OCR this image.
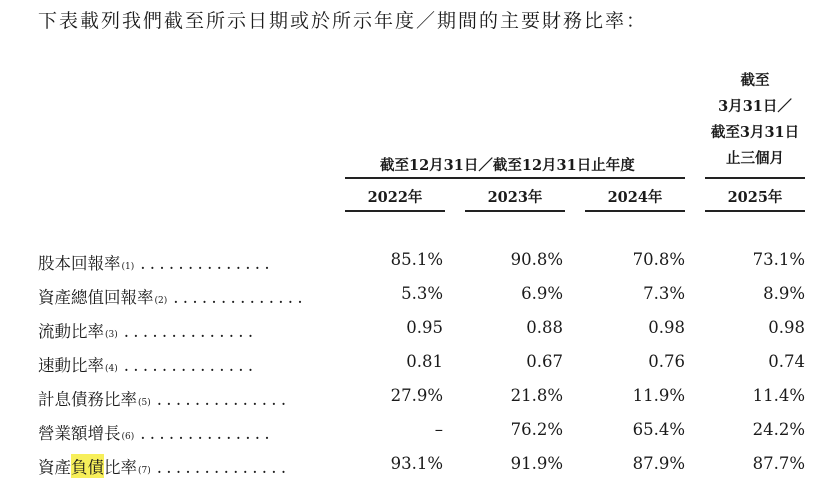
下表載列我們截至所示日期或於所示年度／期間的主要財務比率：
截至12月31日／截至12月31日止年度
截至
3月31日／
截至3月31日
止三個月
2022年	2023年	2024年	2025年
股本回報率$_{(1)}$ ..............	85.1%	90.8%	70.8%	73.1%
資產總值回報率$_{(2)}$ ..............	5.3%	6.9%	7.3%	8.9%
流動比率$_{(3)}$ ..............	0.95	0.88	0.98	0.98
速動比率$_{(4)}$ ..............	0.81	0.67	0.76	0.74
計息債務比率$_{(5)}$ ..............	27.9%	21.8%	11.9%	11.4%
營業額增長$_{(6)}$ ..............	–	76.2%	65.4%	24.2%
資產 負債 比率$_{(7)}$ ..............	93.1%	91.9%	87.9%	87.7%
